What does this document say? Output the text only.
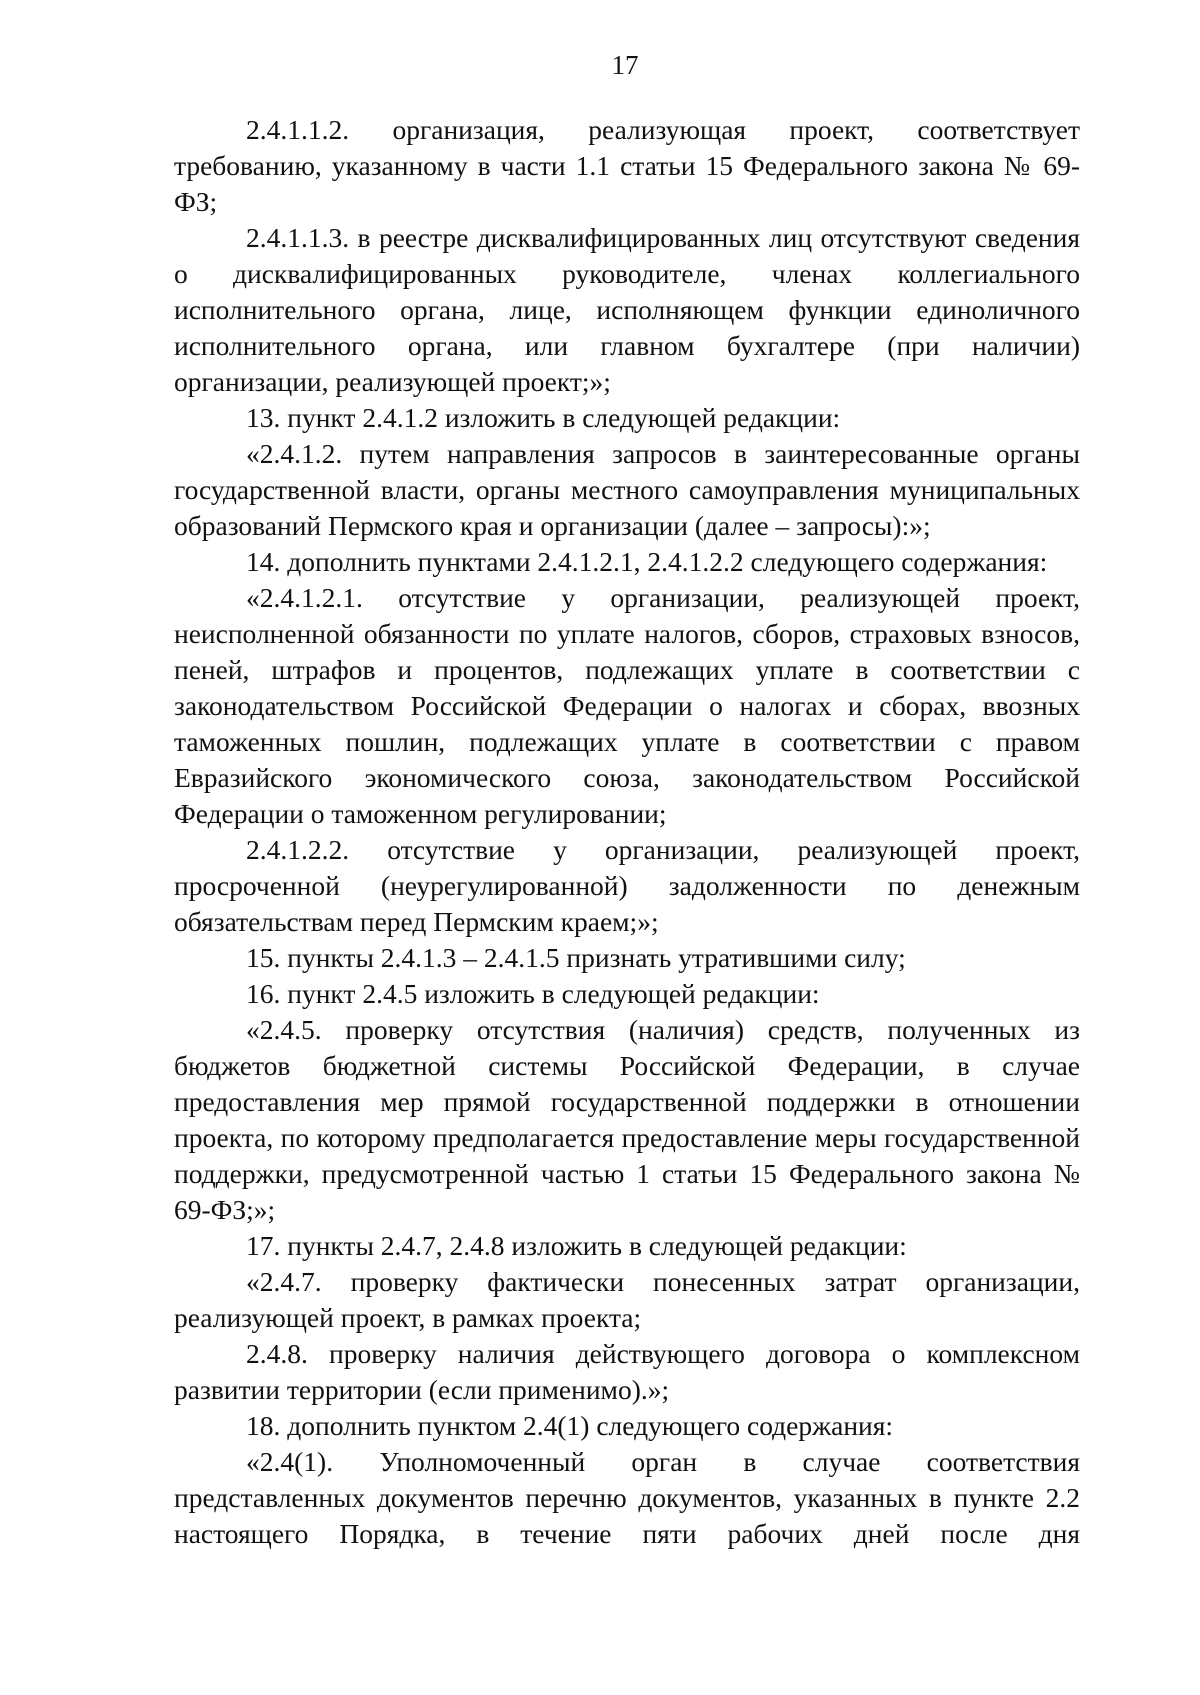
17

2.4.1.1.2. организация, реализующая проект, соответствует требованию, указанному в части 1.1 статьи 15 Федерального закона № 69-ФЗ;

2.4.1.1.3. в реестре дисквалифицированных лиц отсутствуют сведения о дисквалифицированных руководителе, членах коллегиального исполнительного органа, лице, исполняющем функции единоличного исполнительного органа, или главном бухгалтере (при наличии) организации, реализующей проект;»;

13. пункт 2.4.1.2 изложить в следующей редакции:

«2.4.1.2. путем направления запросов в заинтересованные органы государственной власти, органы местного самоуправления муниципальных образований Пермского края и организации (далее – запросы):»;

14. дополнить пунктами 2.4.1.2.1, 2.4.1.2.2 следующего содержания:

«2.4.1.2.1. отсутствие у организации, реализующей проект, неисполненной обязанности по уплате налогов, сборов, страховых взносов, пеней, штрафов и процентов, подлежащих уплате в соответствии с законодательством Российской Федерации о налогах и сборах, ввозных таможенных пошлин, подлежащих уплате в соответствии с правом Евразийского экономического союза, законодательством Российской Федерации о таможенном регулировании;

2.4.1.2.2. отсутствие у организации, реализующей проект, просроченной (неурегулированной) задолженности по денежным обязательствам перед Пермским краем;»;

15. пункты 2.4.1.3 – 2.4.1.5 признать утратившими силу;

16. пункт 2.4.5 изложить в следующей редакции:

«2.4.5. проверку отсутствия (наличия) средств, полученных из бюджетов бюджетной системы Российской Федерации, в случае предоставления мер прямой государственной поддержки в отношении проекта, по которому предполагается предоставление меры государственной поддержки, предусмотренной частью 1 статьи 15 Федерального закона № 69-ФЗ;»;

17. пункты 2.4.7, 2.4.8 изложить в следующей редакции:

«2.4.7. проверку фактически понесенных затрат организации, реализующей проект, в рамках проекта;

2.4.8. проверку наличия действующего договора о комплексном развитии территории (если применимо).»;

18. дополнить пунктом 2.4(1) следующего содержания:

«2.4(1). Уполномоченный орган в случае соответствия представленных документов перечню документов, указанных в пункте 2.2 настоящего Порядка, в течение пяти рабочих дней после дня
